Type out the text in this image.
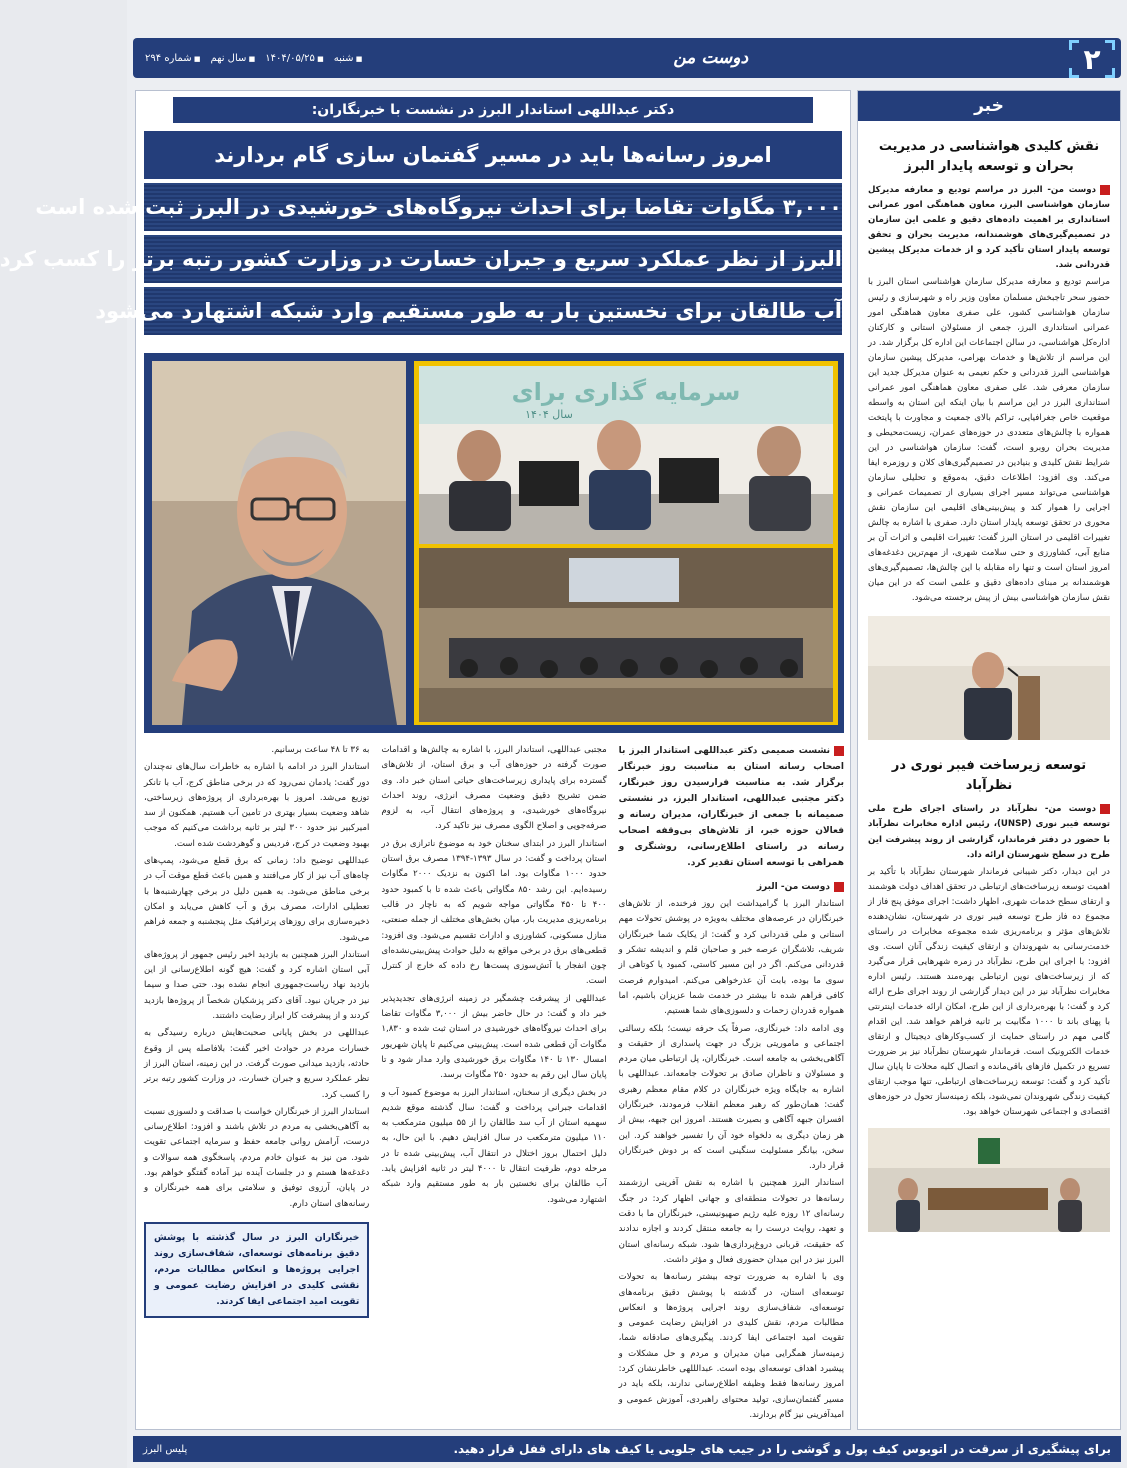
دوست من
■ شنبه
■ ۱۴۰۴/۰۵/۲۵
■ سال نهم
■ شماره ۲۹۴	۲
دکتر عبداللهی استاندار البرز در نشست با خبرنگاران:
امروز رسانه‌ها باید در مسیر گفتمان سازی گام بردارند
۳,۰۰۰ مگاوات تقاضا برای احداث نیروگاه‌های خورشیدی در البرز ثبت شده است
البرز از نظر عملکرد سریع و جبران خسارت در وزارت کشور رتبه برتر را کسب کرد
آب طالقان برای نخستین بار به طور مستقیم وارد شبکه اشتهارد می‌شود
سرمایه گذاری برای
سال ۱۴۰۴

نشست صمیمی دکتر عبداللهی استاندار البرز با اصحاب رسانه استان به مناسبت روز خبرنگار برگزار شد. به مناسبت فرارسیدن روز خبرنگار، دکتر مجتبی عبداللهی، استاندار البرز، در نشستی صمیمانه با جمعی از خبرنگاران، مدیران رسانه و فعالان حوزه خبر، از تلاش‌های بی‌وقفه اصحاب رسانه در راستای اطلاع‌رسانی، روشنگری و همراهی با توسعه استان تقدیر کرد.

دوست من- البرز

استاندار البرز با گرامیداشت این روز فرخنده، از تلاش‌های خبرنگاران در عرصه‌های مختلف به‌ویژه در پوشش تحولات مهم استانی و ملی قدردانی کرد و گفت: از یکایک شما خبرنگاران شریف، تلاشگران عرصه خبر و صاحبان قلم و اندیشه تشکر و قدردانی می‌کنم. اگر در این مسیر کاستی، کمبود یا کوتاهی از سوی ما بوده، بابت آن عذرخواهی می‌کنم. امیدوارم فرصت کافی فراهم شده تا بیشتر در خدمت شما عزیزان باشیم، اما همواره قدردان زحمات و دلسوزی‌های شما هستیم.

وی ادامه داد: خبرنگاری، صرفاً یک حرفه نیست؛ بلکه رسالتی اجتماعی و ماموریتی بزرگ در جهت پاسداری از حقیقت و آگاهی‌بخشی به جامعه است. خبرنگاران، پل ارتباطی میان مردم و مسئولان و ناظران صادق بر تحولات جامعه‌اند. عبداللهی با اشاره به جایگاه ویژه خبرنگاران در کلام مقام معظم رهبری گفت: همان‌طور که رهبر معظم انقلاب فرمودند، خبرنگاران افسران جبهه آگاهی و بصیرت هستند. امروز این جبهه، بیش از هر زمان دیگری به دلخواه خود آن را تفسیر خواهند کرد. این سخن، بیانگر مسئولیت سنگینی است که بر دوش خبرنگاران قرار دارد.

استاندار البرز همچنین با اشاره به نقش آفرینی ارزشمند رسانه‌ها در تحولات منطقه‌ای و جهانی اظهار کرد: در جنگ رسانه‌ای ۱۲ روزه علیه رژیم صهیونیستی، خبرنگاران ما با دقت و تعهد، روایت درست را به جامعه منتقل کردند و اجازه ندادند که حقیقت، قربانی دروغ‌پردازی‌ها شود. شبکه رسانه‌ای استان البرز نیز در این میدان حضوری فعال و مؤثر داشت.

وی با اشاره به ضرورت توجه بیشتر رسانه‌ها به تحولات توسعه‌ای استان، در گذشته با پوشش دقیق برنامه‌های توسعه‌ای، شفاف‌سازی روند اجرایی پروژه‌ها و انعکاس مطالبات مردم، نقش کلیدی در افزایش رضایت عمومی و تقویت امید اجتماعی ایفا کردند. پیگیری‌های صادقانه شما، زمینه‌ساز همگرایی میان مدیران و مردم و حل مشکلات و پیشبرد اهداف توسعه‌ای بوده است. عبدالللهی خاطرنشان کرد: امروز رسانه‌ها فقط وظیفه اطلاع‌رسانی ندارند، بلکه باید در مسیر گفتمان‌سازی، تولید محتوای راهبردی، آموزش عمومی و امیدآفرینی نیز گام بردارند.

مجتبی عبداللهی، استاندار البرز، با اشاره به چالش‌ها و اقدامات صورت گرفته در حوزه‌های آب و برق استان، از تلاش‌های گسترده برای پایداری زیرساخت‌های حیاتی استان خبر داد. وی ضمن تشریح دقیق وضعیت مصرف انرژی، روند احداث نیروگاه‌های خورشیدی، و پروژه‌های انتقال آب، به لزوم صرفه‌جویی و اصلاح الگوی مصرف نیز تاکید کرد.

استاندار البرز در ابتدای سخنان خود به موضوع ناترازی برق در استان پرداخت و گفت: در سال ۱۳۹۳-۱۳۹۴ مصرف برق استان حدود ۱۰۰۰ مگاوات بود. اما اکنون به نزدیک ۲۰۰۰ مگاوات رسیده‌ایم. این رشد ۸۵۰ مگاواتی باعث شده تا با کمبود حدود ۴۰۰ تا ۴۵۰ مگاواتی مواجه شویم که به ناچار در قالب برنامه‌ریزی مدیریت بار، میان بخش‌های مختلف از جمله صنعتی، منازل مسکونی، کشاورزی و ادارات تقسیم می‌شود. وی افزود: قطعی‌های برق در برخی مواقع به دلیل حوادث پیش‌بینی‌نشده‌ای چون انفجار یا آتش‌سوزی پست‌ها رخ داده که خارج از کنترل است.

عبداللهی از پیشرفت چشمگیر در زمینه انرژی‌های تجدیدپذیر خبر داد و گفت: در حال حاضر بیش از ۳,۰۰۰ مگاوات تقاضا برای احداث نیروگاه‌های خورشیدی در استان ثبت شده و ۱,۸۳۰ مگاوات آن قطعی شده است. پیش‌بینی می‌کنیم تا پایان شهریور امسال ۱۳۰ تا ۱۴۰ مگاوات برق خورشیدی وارد مدار شود و تا پایان سال این رقم به حدود ۲۵۰ مگاوات برسد.

در بخش دیگری از سخنان، استاندار البرز به موضوع کمبود آب و اقدامات جبرانی پرداخت و گفت: سال گذشته موقع شدیم سهمیه استان از آب سد طالقان را از ۵۵ میلیون مترمکعب به ۱۱۰ میلیون مترمکعب در سال افزایش دهیم. با این حال، به دلیل احتمال بروز اختلال در انتقال آب، پیش‌بینی شده تا در مرحله دوم، ظرفیت انتقال تا ۴۰۰۰ لیتر در ثانیه افزایش یابد. آب طالقان برای نخستین بار به طور مستقیم وارد شبکه اشتهارد می‌شود.

به ۳۶ تا ۴۸ ساعت برسانیم.

استاندار البرز در ادامه با اشاره به خاطرات سال‌های نه‌چندان دور گفت: یادمان نمی‌رود که در برخی مناطق کرج، آب با تانکر توزیع می‌شد. امروز با بهره‌برداری از پروژه‌های زیرساختی، شاهد وضعیت بسیار بهتری در تامین آب هستیم. همکنون از سد امیرکبیر نیز حدود ۳۰۰ لیتر بر ثانیه برداشت می‌کنیم که موجب بهبود وضعیت در کرج، فردیس و گوهردشت شده است.

عبداللهی توضیح داد: زمانی که برق قطع می‌شود، پمپ‌های چاه‌های آب نیز از کار می‌افتند و همین باعث قطع موقت آب در برخی مناطق می‌شود. به همین دلیل در برخی چهارشنبه‌ها با تعطیلی ادارات، مصرف برق و آب کاهش می‌یابد و امکان ذخیره‌سازی برای روزهای پرترافیک مثل پنجشنبه و جمعه فراهم می‌شود.

استاندار البرز همچنین به بازدید اخیر رئیس جمهور از پروژه‌های آبی استان اشاره کرد و گفت: هیچ گونه اطلاع‌رسانی از این بازدید نهاد ریاست‌جمهوری انجام نشده بود. حتی صدا و سیما نیز در جریان نبود. آقای دکتر پزشکیان شخصاً از پروژه‌ها بازدید کردند و از پیشرفت کار ابراز رضایت داشتند.

عبداللهی در بخش پایانی صحبت‌هایش درباره رسیدگی به خسارات مردم در حوادث اخیر گفت: بلافاصله پس از وقوع حادثه، بازدید میدانی صورت گرفت. در این زمینه، استان البرز از نظر عملکرد سریع و جبران خسارت، در وزارت کشور رتبه برتر را کسب کرد.

استاندار البرز از خبرنگاران خواست با صداقت و دلسوزی نسبت به آگاهی‌بخشی به مردم در تلاش باشند و افزود: اطلاع‌رسانی درست، آرامش روانی جامعه حفظ و سرمایه اجتماعی تقویت شود. من نیز به عنوان خادم مردم، پاسخگوی همه سوالات و دغدغه‌ها هستم و در جلسات آینده نیز آماده گفتگو خواهم بود. در پایان، آرزوی توفیق و سلامتی برای همه خبرنگاران و رسانه‌های استان دارم.

خبرنگاران البرز در سال گذشته با پوشش دقیق برنامه‌های توسعه‌ای، شفاف‌سازی روند اجرایی پروژه‌ها و انعکاس مطالبات مردم، نقشی کلیدی در افزایش رضایت عمومی و تقویت امید اجتماعی ایفا کردند.
خبر
نقش کلیدی هواشناسی در مدیریت بحران و توسعه پایدار البرز

دوست من- البرز در مراسم تودیع و معارفه مدیرکل سازمان هواشناسی البرز، معاون هماهنگی امور عمرانی استانداری بر اهمیت داده‌های دقیق و علمی این سازمان در تصمیم‌گیری‌های هوشمندانه، مدیریت بحران و تحقق توسعه پایدار استان تأکید کرد و از خدمات مدیرکل پیشین قدردانی شد.

مراسم تودیع و معارفه مدیرکل سازمان هواشناسی استان البرز با حضور سحر تاجبخش مسلمان معاون وزیر راه و شهرسازی و رئیس سازمان هواشناسی کشور، علی صفری معاون هماهنگی امور عمرانی استانداری البرز، جمعی از مسئولان استانی و کارکنان اداره‌کل هواشناسی، در سالن اجتماعات این اداره کل برگزار شد. در این مراسم از تلاش‌ها و خدمات بهرامی، مدیرکل پیشین سازمان هواشناسی البرز قدردانی و حکم نعیمی به عنوان مدیرکل جدید این سازمان معرفی شد. علی صفری معاون هماهنگی امور عمرانی استانداری البرز در این مراسم با بیان اینکه این استان به واسطه موقعیت خاص جغرافیایی، تراکم بالای جمعیت و مجاورت با پایتخت همواره با چالش‌های متعددی در حوزه‌های عمران، زیست‌محیطی و مدیریت بحران روبرو است، گفت: سازمان هواشناسی در این شرایط نقش کلیدی و بنیادین در تصمیم‌گیری‌های کلان و روزمره ایفا می‌کند. وی افزود: اطلاعات دقیق، به‌موقع و تحلیلی سازمان هواشناسی می‌تواند مسیر اجرای بسیاری از تصمیمات عمرانی و اجرایی را هموار کند و پیش‌بینی‌های اقلیمی این سازمان نقش محوری در تحقق توسعه پایدار استان دارد. صفری با اشاره به چالش تغییرات اقلیمی در استان البرز گفت: تغییرات اقلیمی و اثرات آن بر منابع آبی، کشاورزی و حتی سلامت شهری، از مهم‌ترین دغدغه‌های امروز استان است و تنها راه مقابله با این چالش‌ها، تصمیم‌گیری‌های هوشمندانه بر مبنای داده‌های دقیق و علمی است که در این میان نقش سازمان هواشناسی بیش از پیش برجسته می‌شود.

توسعه زیرساخت فیبر نوری در نظرآباد

دوست من- نظرآباد در راستای اجرای طرح ملی توسعه فیبر نوری (UNSP)، رئیس اداره مخابرات نظرآباد با حضور در دفتر فرماندار، گزارشی از روند پیشرفت این طرح در سطح شهرستان ارائه داد.

در این دیدار، دکتر شیبانی فرماندار شهرستان نظرآباد با تأکید بر اهمیت توسعه زیرساخت‌های ارتباطی در تحقق اهداف دولت هوشمند و ارتقای سطح خدمات شهری، اظهار داشت: اجرای موفق پنج فاز از مجموع ده فاز طرح توسعه فیبر نوری در شهرستان، نشان‌دهنده تلاش‌های مؤثر و برنامه‌ریزی شده مجموعه مخابرات در راستای خدمت‌رسانی به شهروندان و ارتقای کیفیت زندگی آنان است. وی افزود: با اجرای این طرح، نظرآباد در زمره شهرهایی قرار می‌گیرد که از زیرساخت‌های نوین ارتباطی بهره‌مند هستند. رئیس اداره مخابرات نظرآباد نیز در این دیدار گزارشی از روند اجرای طرح ارائه کرد و گفت: با بهره‌برداری از این طرح، امکان ارائه خدمات اینترنتی با پهنای باند تا ۱۰۰۰ مگابیت بر ثانیه فراهم خواهد شد. این اقدام گامی مهم در راستای حمایت از کسب‌وکارهای دیجیتال و ارتقای خدمات الکترونیک است. فرماندار شهرستان نظرآباد نیز بر ضرورت تسریع در تکمیل فازهای باقی‌مانده و اتصال کلیه محلات تا پایان سال تأکید کرد و گفت: توسعه زیرساخت‌های ارتباطی، تنها موجب ارتقای کیفیت زندگی شهروندان نمی‌شود، بلکه زمینه‌ساز تحول در حوزه‌های اقتصادی و اجتماعی شهرستان خواهد بود.

برای پیشگیری از سرقت در اتوبوس کیف پول و گوشی را در جیب های جلویی یا کیف های دارای قفل قرار دهید.
پلیس البرز
